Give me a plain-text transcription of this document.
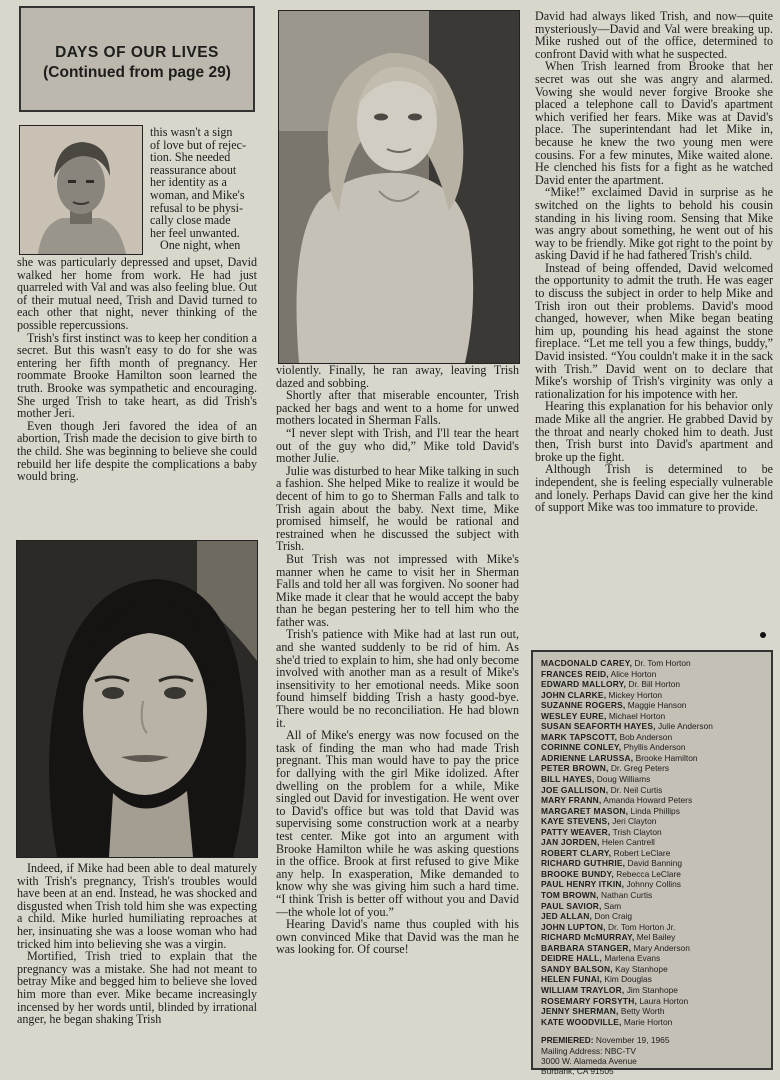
DAYS OF OUR LIVES
(Continued from page 29)
this wasn't a sign
of love but of rejec-
tion. She needed
reassurance about
her identity as a
woman, and Mike's
refusal to be physi-
cally close made
her feel unwanted.
One night, when

she was particularly depressed and upset, David walked her home from work. He had just quarreled with Val and was also feeling blue. Out of their mutual need, Trish and David turned to each other that night, never thinking of the possible repercussions.

Trish's first instinct was to keep her condition a secret. But this wasn't easy to do for she was entering her fifth month of pregnancy. Her roommate Brooke Hamilton soon learned the truth. Brooke was sympathetic and encouraging. She urged Trish to take heart, as did Trish's mother Jeri.

Even though Jeri favored the idea of an abortion, Trish made the decision to give birth to the child. She was beginning to believe she could rebuild her life despite the complications a baby would bring.

Indeed, if Mike had been able to deal maturely with Trish's pregnancy, Trish's troubles would have been at an end. Instead, he was shocked and disgusted when Trish told him she was expecting a child. Mike hurled humiliating reproaches at her, insinuating she was a loose woman who had tricked him into believing she was a virgin.

Mortified, Trish tried to explain that the pregnancy was a mistake. She had not meant to betray Mike and begged him to believe she loved him more than ever. Mike became increasingly incensed by her words until, blinded by irrational anger, he began shaking Trish

violently. Finally, he ran away, leaving Trish dazed and sobbing.

Shortly after that miserable encounter, Trish packed her bags and went to a home for unwed mothers located in Sherman Falls.

“I never slept with Trish, and I'll tear the heart out of the guy who did,” Mike told David's mother Julie.

Julie was disturbed to hear Mike talking in such a fashion. She helped Mike to realize it would be decent of him to go to Sherman Falls and talk to Trish again about the baby. Next time, Mike promised himself, he would be rational and restrained when he discussed the subject with Trish.

But Trish was not impressed with Mike's manner when he came to visit her in Sherman Falls and told her all was forgiven. No sooner had Mike made it clear that he would accept the baby than he began pestering her to tell him who the father was.

Trish's patience with Mike had at last run out, and she wanted suddenly to be rid of him. As she'd tried to explain to him, she had only become involved with another man as a result of Mike's insensitivity to her emotional needs. Mike soon found himself bidding Trish a hasty good-bye. There would be no reconciliation. He had blown it.

All of Mike's energy was now focused on the task of finding the man who had made Trish pregnant. This man would have to pay the price for dallying with the girl Mike idolized. After dwelling on the problem for a while, Mike singled out David for investigation. He went over to David's office but was told that David was supervising some construction work at a nearby test center. Mike got into an argument with Brooke Hamilton while he was asking questions in the office. Brook at first refused to give Mike any help. In exasperation, Mike demanded to know why she was giving him such a hard time. “I think Trish is better off without you and David—the whole lot of you.”

Hearing David's name thus coupled with his own convinced Mike that David was the man he was looking for. Of course!

David had always liked Trish, and now—quite mysteriously—David and Val were breaking up. Mike rushed out of the office, determined to confront David with what he suspected.

When Trish learned from Brooke that her secret was out she was angry and alarmed. Vowing she would never forgive Brooke she placed a telephone call to David's apartment which verified her fears. Mike was at David's place. The superintendant had let Mike in, because he knew the two young men were cousins. For a few minutes, Mike waited alone. He clenched his fists for a fight as he watched David enter the apartment.

“Mike!” exclaimed David in surprise as he switched on the lights to behold his cousin standing in his living room. Sensing that Mike was angry about something, he went out of his way to be friendly. Mike got right to the point by asking David if he had fathered Trish's child.

Instead of being offended, David welcomed the opportunity to admit the truth. He was eager to discuss the subject in order to help Mike and Trish iron out their problems. David's mood changed, however, when Mike began beating him up, pounding his head against the stone fireplace. “Let me tell you a few things, buddy,” David insisted. “You couldn't make it in the sack with Trish.” David went on to declare that Mike's worship of Trish's virginity was only a rationalization for his impotence with her.

Hearing this explanation for his behavior only made Mike all the angrier. He grabbed David by the throat and nearly choked him to death. Just then, Trish burst into David's apartment and broke up the fight.

Although Trish is determined to be independent, she is feeling especially vulnerable and lonely. Perhaps David can give her the kind of support Mike was too immature to provide.

MACDONALD CAREY, Dr. Tom Horton
FRANCES REID, Alice Horton
EDWARD MALLORY, Dr. Bill Horton
JOHN CLARKE, Mickey Horton
SUZANNE ROGERS, Maggie Hanson
WESLEY EURE, Michael Horton
SUSAN SEAFORTH HAYES, Julie Anderson
MARK TAPSCOTT, Bob Anderson
CORINNE CONLEY, Phyllis Anderson
ADRIENNE LARUSSA, Brooke Hamilton
PETER BROWN, Dr. Greg Peters
BILL HAYES, Doug Williams
JOE GALLISON, Dr. Neil Curtis
MARY FRANN, Amanda Howard Peters
MARGARET MASON, Linda Phillips
KAYE STEVENS, Jeri Clayton
PATTY WEAVER, Trish Clayton
JAN JORDEN, Helen Cantrell
ROBERT CLARY, Robert LeClare
RICHARD GUTHRIE, David Banning
BROOKE BUNDY, Rebecca LeClare
PAUL HENRY ITKIN, Johnny Collins
TOM BROWN, Nathan Curtis
PAUL SAVIOR, Sam
JED ALLAN, Don Craig
JOHN LUPTON, Dr. Tom Horton Jr.
RICHARD McMURRAY, Mel Bailey
BARBARA STANGER, Mary Anderson
DEIDRE HALL, Marlena Evans
SANDY BALSON, Kay Stanhope
HELEN FUNAI, Kim Douglas
WILLIAM TRAYLOR, Jim Stanhope
ROSEMARY FORSYTH, Laura Horton
JENNY SHERMAN, Betty Worth
KATE WOODVILLE, Marie Horton
PREMIERED: November 19, 1965
Mailing Address: NBC-TV
3000 W. Alameda Avenue
Burbank, CA 91505
